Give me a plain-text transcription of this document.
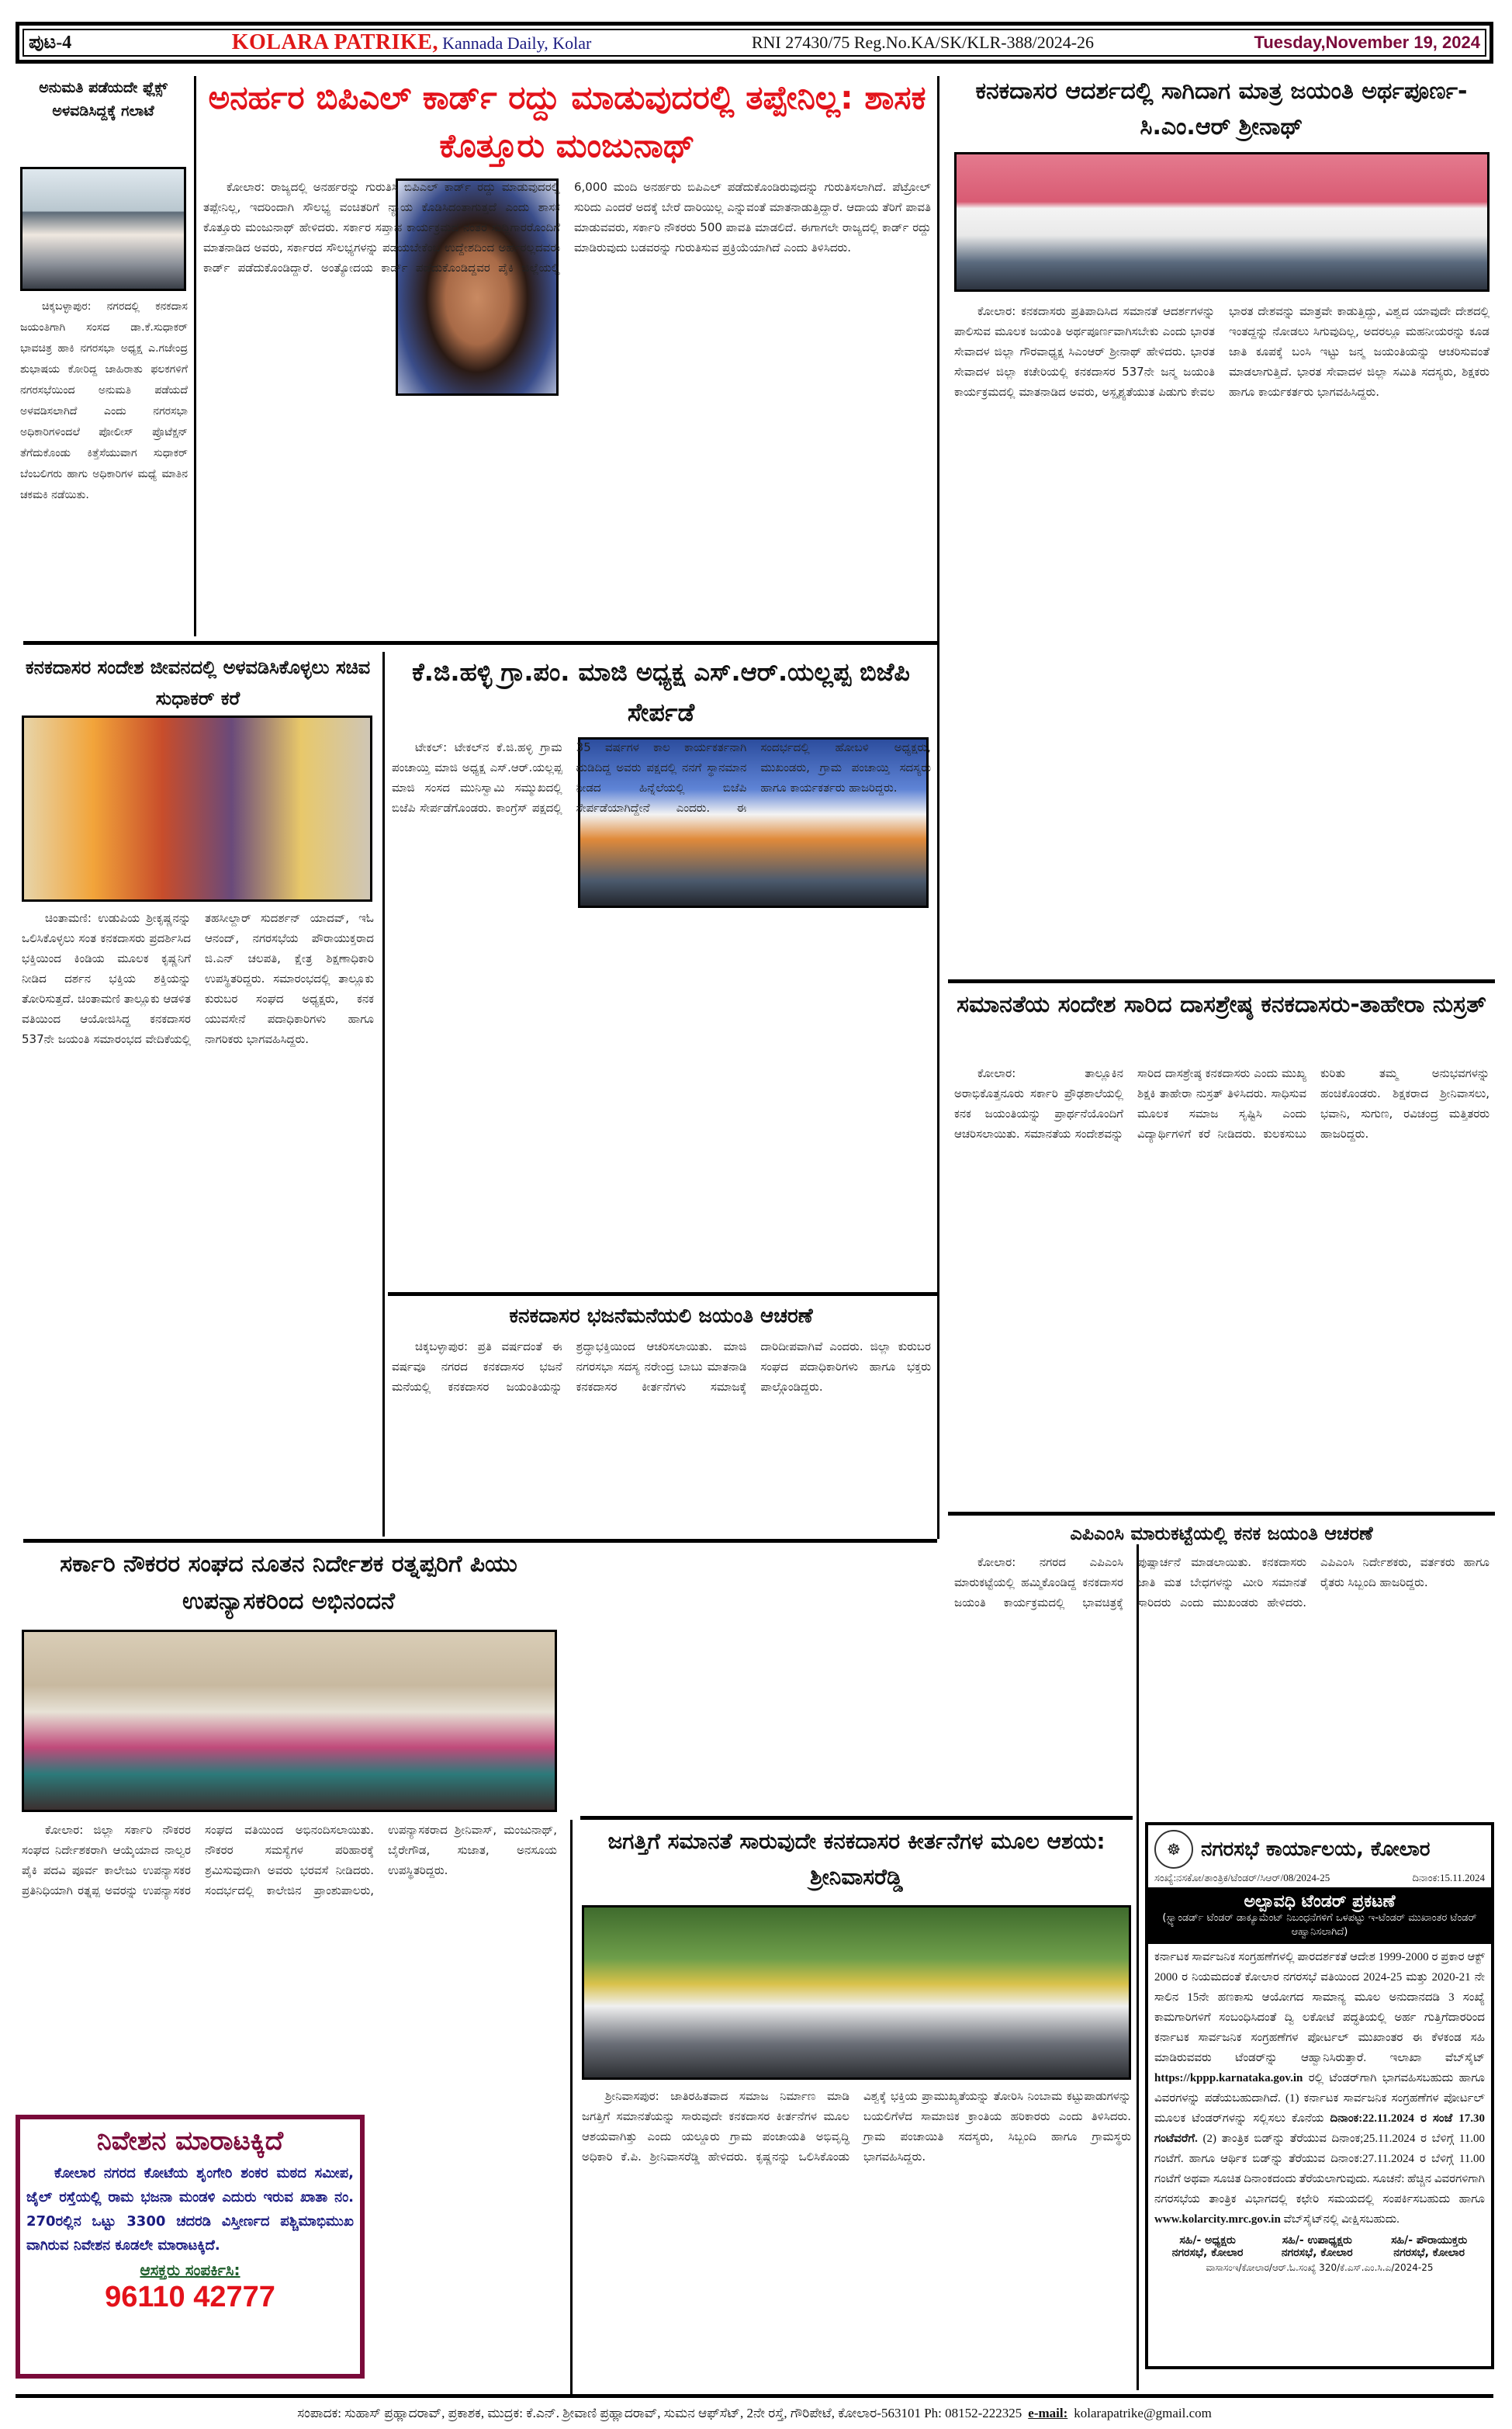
ಪುಟ-4	KOLARA PATRIKE, Kannada Daily, Kolar	RNI 27430/75 Reg.No.KA/SK/KLR-388/2024-26	Tuesday,November 19, 2024
ಅನುಮತಿ ಪಡೆಯದೇ ಫ್ಲೆಕ್ಸ್ ಅಳವಡಿಸಿದ್ದಕ್ಕೆ ಗಲಾಟೆ

ಚಿಕ್ಕಬಳ್ಳಾಪುರ: ನಗರದಲ್ಲಿ ಕನಕದಾಸ ಜಯಂತಿಗಾಗಿ ಸಂಸದ ಡಾ.ಕೆ.ಸುಧಾಕರ್ ಭಾವಚಿತ್ರ ಹಾಕಿ ನಗರಸಭಾ ಅಧ್ಯಕ್ಷ ಎ.ಗಜೇಂದ್ರ ಶುಭಾಷಯ ಕೋರಿದ್ದ ಜಾಹಿರಾತು ಫಲಕಗಳಿಗೆ ನಗರಸಭೆಯಿಂದ ಅನುಮತಿ ಪಡೆಯದೆ ಅಳವಡಿಸಲಾಗಿದೆ ಎಂದು ನಗರಸಭಾ ಅಧಿಕಾರಿಗಳಿಂದಲೆ ಪೋಲೀಸ್ ಪ್ರೊಟೆಕ್ಷನ್ ತೆಗೆದುಕೊಂಡು ಕಿತ್ತೆಸೆಯುವಾಗ ಸುಧಾಕರ್ ಬೆಂಬಲಿಗರು ಹಾಗು ಅಧಿಕಾರಿಗಳ ಮಧ್ಯೆ ಮಾತಿನ ಚಕಮಕಿ ನಡೆಯಿತು.

ಅನರ್ಹರ ಬಿಪಿಎಲ್ ಕಾರ್ಡ್ ರದ್ದು ಮಾಡುವುದರಲ್ಲಿ ತಪ್ಪೇನಿಲ್ಲ: ಶಾಸಕ ಕೊತ್ತೂರು ಮಂಜುನಾಥ್

ಕೋಲಾರ: ರಾಜ್ಯದಲ್ಲಿ ಅನರ್ಹರನ್ನು ಗುರುತಿಸಿ ಬಿಪಿಎಲ್ ಕಾರ್ಡ್ ರದ್ದು ಮಾಡುವುದರಲ್ಲಿ ತಪ್ಪೇನಿಲ್ಲ, ಇದರಿಂದಾಗಿ ಸೌಲಭ್ಯ ವಂಚಿತರಿಗೆ ನ್ಯಾಯ ಕೊಡಿಸಿದಂತಾಗುತ್ತದೆ ಎಂದು ಶಾಸಕ ಕೊತ್ತೂರು ಮಂಜುನಾಥ್ ಹೇಳಿದರು. ಸರ್ಕಾರ ಸಪ್ತಾಹ ಕಾರ್ಯಕ್ರಮದ ನಂತರ ಸುದ್ದಿಗಾರರೊಂದಿಗೆ ಮಾತನಾಡಿದ ಅವರು, ಸರ್ಕಾರದ ಸೌಲಭ್ಯಗಳನ್ನು ಪಡೆಯಬೇಕೆಂಬ ಉದ್ದೇಶದಿಂದ ಅರ್ಹರಲ್ಲದವರು ಕಾರ್ಡ್ ಪಡೆದುಕೊಂಡಿದ್ದಾರೆ. ಅಂತ್ಯೋದಯ ಕಾರ್ಡ್ ಪಡೆದುಕೊಂಡಿದ್ದವರ ಪೈಕಿ ಜಿಲ್ಲೆಯಲ್ಲಿ 6,000 ಮಂದಿ ಅನರ್ಹರು ಬಿಪಿಎಲ್ ಪಡೆದುಕೊಂಡಿರುವುದನ್ನು ಗುರುತಿಸಲಾಗಿದೆ. ಪೆಟ್ರೋಲ್ ಸುರಿದು ಎಂದರೆ ಅದಕ್ಕೆ ಬೇರೆ ದಾರಿಯಿಲ್ಲ ಎನ್ನುವಂತೆ ಮಾತನಾಡುತ್ತಿದ್ದಾರೆ. ಆದಾಯ ತೆರಿಗೆ ಪಾವತಿ ಮಾಡುವವರು, ಸರ್ಕಾರಿ ನೌಕರರು 500 ಪಾವತಿ ಮಾಡಲಿದೆ. ಈಗಾಗಲೇ ರಾಜ್ಯದಲ್ಲಿ ಕಾರ್ಡ್ ರದ್ದು ಮಾಡಿರುವುದು ಬಡವರನ್ನು ಗುರುತಿಸುವ ಪ್ರಕ್ರಿಯೆಯಾಗಿದೆ ಎಂದು ತಿಳಿಸಿದರು.

ಕನಕದಾಸರ ಆದರ್ಶದಲ್ಲಿ ಸಾಗಿದಾಗ ಮಾತ್ರ ಜಯಂತಿ ಅರ್ಥಪೂರ್ಣ- ಸಿ.ಎಂ.ಆರ್ ಶ್ರೀನಾಥ್

ಕೋಲಾರ: ಕನಕದಾಸರು ಪ್ರತಿಪಾದಿಸಿದ ಸಮಾನತೆ ಆದರ್ಶಗಳನ್ನು ಪಾಲಿಸುವ ಮೂಲಕ ಜಯಂತಿ ಅರ್ಥಪೂರ್ಣವಾಗಿಸಬೇಕು ಎಂದು ಭಾರತ ಸೇವಾದಳ ಜಿಲ್ಲಾ ಗೌರವಾಧ್ಯಕ್ಷ ಸಿಎಂಆರ್ ಶ್ರೀನಾಥ್ ಹೇಳಿದರು. ಭಾರತ ಸೇವಾದಳ ಜಿಲ್ಲಾ ಕಚೇರಿಯಲ್ಲಿ ಕನಕದಾಸರ 537ನೇ ಜನ್ಮ ಜಯಂತಿ ಕಾರ್ಯಕ್ರಮದಲ್ಲಿ ಮಾತನಾಡಿದ ಅವರು, ಅಸ್ಪೃಶ್ಯತೆಯುತ ಪಿಡುಗು ಕೇವಲ ಭಾರತ ದೇಶವನ್ನು ಮಾತ್ರವೇ ಕಾಡುತ್ತಿದ್ದು, ವಿಶ್ವದ ಯಾವುದೇ ದೇಶದಲ್ಲಿ ಇಂತದ್ದನ್ನು ನೋಡಲು ಸಿಗುವುದಿಲ್ಲ, ಅದರಲ್ಲೂ ಮಹನೀಯರನ್ನು ಕೂಡ ಜಾತಿ ಕೂಪಕ್ಕೆ ಬಂಸಿ ಇಟ್ಟು ಜನ್ಮ ಜಯಂತಿಯನ್ನು ಆಚರಿಸುವಂತೆ ಮಾಡಲಾಗುತ್ತಿದೆ. ಭಾರತ ಸೇವಾದಳ ಜಿಲ್ಲಾ ಸಮಿತಿ ಸದಸ್ಯರು, ಶಿಕ್ಷಕರು ಹಾಗೂ ಕಾರ್ಯಕರ್ತರು ಭಾಗವಹಿಸಿದ್ದರು.

ಕನಕದಾಸರ ಸಂದೇಶ ಜೀವನದಲ್ಲಿ ಅಳವಡಿಸಿಕೊಳ್ಳಲು ಸಚಿವ ಸುಧಾಕರ್ ಕರೆ

ಚಿಂತಾಮಣಿ: ಉಡುಪಿಯ ಶ್ರೀಕೃಷ್ಣನನ್ನು ಒಲಿಸಿಕೊಳ್ಳಲು ಸಂತ ಕನಕದಾಸರು ಪ್ರದರ್ಶಿಸಿದ ಭಕ್ತಿಯಿಂದ ಕಿಂಡಿಯ ಮೂಲಕ ಕೃಷ್ಣನಿಗೆ ನೀಡಿದ ದರ್ಶನ ಭಕ್ತಿಯ ಶಕ್ತಿಯನ್ನು ತೋರಿಸುತ್ತದೆ. ಚಿಂತಾಮಣಿ ತಾಲ್ಲೂಕು ಆಡಳಿತ ವತಿಯಿಂದ ಆಯೋಜಿಸಿದ್ದ ಕನಕದಾಸರ 537ನೇ ಜಯಂತಿ ಸಮಾರಂಭದ ವೇದಿಕೆಯಲ್ಲಿ ತಹಸೀಲ್ದಾರ್ ಸುದರ್ಶನ್ ಯಾದವ್, ಇಓ ಆನಂದ್, ನಗರಸಭೆಯ ಪೌರಾಯುಕ್ತರಾದ ಜಿ.ಎನ್ ಚಲಪತಿ, ಕ್ಷೇತ್ರ ಶಿಕ್ಷಣಾಧಿಕಾರಿ ಉಪಸ್ಥಿತರಿದ್ದರು. ಸಮಾರಂಭದಲ್ಲಿ ತಾಲ್ಲೂಕು ಕುರುಬರ ಸಂಘದ ಅಧ್ಯಕ್ಷರು, ಕನಕ ಯುವಸೇನೆ ಪದಾಧಿಕಾರಿಗಳು ಹಾಗೂ ನಾಗರಿಕರು ಭಾಗವಹಿಸಿದ್ದರು.

ಕೆ.ಜಿ.ಹಳ್ಳಿ ಗ್ರಾ.ಪಂ. ಮಾಜಿ ಅಧ್ಯಕ್ಷ ಎಸ್.ಆರ್.ಯಲ್ಲಪ್ಪ ಬಿಜೆಪಿ ಸೇರ್ಪಡೆ

ಟೇಕಲ್: ಟೇಕಲ್‌ನ ಕೆ.ಜಿ.ಹಳ್ಳಿ ಗ್ರಾಮ ಪಂಚಾಯ್ತಿ ಮಾಜಿ ಅಧ್ಯಕ್ಷ ಎಸ್.ಆರ್.ಯಲ್ಲಪ್ಪ ಮಾಜಿ ಸಂಸದ ಮುನಿಸ್ವಾಮಿ ಸಮ್ಮುಖದಲ್ಲಿ ಬಿಜೆಪಿ ಸೇರ್ಪಡೆಗೊಂಡರು. ಕಾಂಗ್ರೆಸ್ ಪಕ್ಷದಲ್ಲಿ 35 ವರ್ಷಗಳ ಕಾಲ ಕಾರ್ಯಕರ್ತನಾಗಿ ದುಡಿದಿದ್ದ ಅವರು ಪಕ್ಷದಲ್ಲಿ ನನಗೆ ಸ್ಥಾನಮಾನ ನೀಡದ ಹಿನ್ನೆಲೆಯಲ್ಲಿ ಬಿಜೆಪಿ ಸೇರ್ಪಡೆಯಾಗಿದ್ದೇನೆ ಎಂದರು. ಈ ಸಂದರ್ಭದಲ್ಲಿ ಹೋಬಳಿ ಅಧ್ಯಕ್ಷರು, ಮುಖಂಡರು, ಗ್ರಾಮ ಪಂಚಾಯ್ತಿ ಸದಸ್ಯರು ಹಾಗೂ ಕಾರ್ಯಕರ್ತರು ಹಾಜರಿದ್ದರು.

ಸಮಾನತೆಯ ಸಂದೇಶ ಸಾರಿದ ದಾಸಶ್ರೇಷ್ಠ ಕನಕದಾಸರು-ತಾಹೇರಾ ನುಸ್ರತ್

ಕೋಲಾರ: ತಾಲ್ಲೂಕಿನ ಅರಾಭಿಕೊತ್ತನೂರು ಸರ್ಕಾರಿ ಪ್ರೌಢಶಾಲೆಯಲ್ಲಿ ಕನಕ ಜಯಂತಿಯನ್ನು ಪ್ರಾರ್ಥನೆಯೊಂದಿಗೆ ಆಚರಿಸಲಾಯಿತು. ಸಮಾನತೆಯ ಸಂದೇಶವನ್ನು ಸಾರಿದ ದಾಸಶ್ರೇಷ್ಠ ಕನಕದಾಸರು ಎಂದು ಮುಖ್ಯ ಶಿಕ್ಷಕಿ ತಾಹೇರಾ ನುಸ್ರತ್ ತಿಳಿಸಿದರು. ಸಾಧಿಸುವ ಮೂಲಕ ಸಮಾಜ ಸೃಷ್ಟಿಸಿ ಎಂದು ವಿದ್ಯಾರ್ಥಿಗಳಿಗೆ ಕರೆ ನೀಡಿದರು. ಕುಲಕಸುಬು ಕುರಿತು ತಮ್ಮ ಅನುಭವಗಳನ್ನು ಹಂಚಿಕೊಂಡರು. ಶಿಕ್ಷಕರಾದ ಶ್ರೀನಿವಾಸಲು, ಭವಾನಿ, ಸುಗುಣ, ರವಿಚಂದ್ರ ಮತ್ತಿತರರು ಹಾಜರಿದ್ದರು.

ಕನಕದಾಸರ ಭಜನೆಮನೆಯಲಿ ಜಯಂತಿ ಆಚರಣೆ

ಚಿಕ್ಕಬಳ್ಳಾಪುರ: ಪ್ರತಿ ವರ್ಷದಂತೆ ಈ ವರ್ಷವೂ ನಗರದ ಕನಕದಾಸರ ಭಜನೆ ಮನೆಯಲ್ಲಿ ಕನಕದಾಸರ ಜಯಂತಿಯನ್ನು ಶ್ರದ್ಧಾಭಕ್ತಿಯಿಂದ ಆಚರಿಸಲಾಯಿತು. ಮಾಜಿ ನಗರಸಭಾ ಸದಸ್ಯ ನರೇಂದ್ರ ಬಾಬು ಮಾತನಾಡಿ ಕನಕದಾಸರ ಕೀರ್ತನೆಗಳು ಸಮಾಜಕ್ಕೆ ದಾರಿದೀಪವಾಗಿವೆ ಎಂದರು. ಜಿಲ್ಲಾ ಕುರುಬರ ಸಂಘದ ಪದಾಧಿಕಾರಿಗಳು ಹಾಗೂ ಭಕ್ತರು ಪಾಲ್ಗೊಂಡಿದ್ದರು.

ಎಪಿಎಂಸಿ ಮಾರುಕಟ್ಟೆಯಲ್ಲಿ ಕನಕ ಜಯಂತಿ ಆಚರಣೆ

ಕೋಲಾರ: ನಗರದ ಎಪಿಎಂಸಿ ಮಾರುಕಟ್ಟೆಯಲ್ಲಿ ಹಮ್ಮಿಕೊಂಡಿದ್ದ ಕನಕದಾಸರ ಜಯಂತಿ ಕಾರ್ಯಕ್ರಮದಲ್ಲಿ ಭಾವಚಿತ್ರಕ್ಕೆ ಪುಷ್ಪಾರ್ಚನೆ ಮಾಡಲಾಯಿತು. ಕನಕದಾಸರು ಜಾತಿ ಮತ ಬೇಧಗಳನ್ನು ಮೀರಿ ಸಮಾನತೆ ಸಾರಿದರು ಎಂದು ಮುಖಂಡರು ಹೇಳಿದರು. ಎಪಿಎಂಸಿ ನಿರ್ದೇಶಕರು, ವರ್ತಕರು ಹಾಗೂ ರೈತರು ಸಿಬ್ಬಂದಿ ಹಾಜರಿದ್ದರು.

ಸರ್ಕಾರಿ ನೌಕರರ ಸಂಘದ ನೂತನ ನಿರ್ದೇಶಕ ರತ್ನಪ್ಪರಿಗೆ ಪಿಯು ಉಪನ್ಯಾಸಕರಿಂದ ಅಭಿನಂದನೆ

ಕೋಲಾರ: ಜಿಲ್ಲಾ ಸರ್ಕಾರಿ ನೌಕರರ ಸಂಘದ ನಿರ್ದೇಶಕರಾಗಿ ಆಯ್ಕೆಯಾದ ನಾಲ್ವರ ಪೈಕಿ ಪದವಿ ಪೂರ್ವ ಕಾಲೇಜು ಉಪನ್ಯಾಸಕರ ಪ್ರತಿನಿಧಿಯಾಗಿ ರತ್ನಪ್ಪ ಅವರನ್ನು ಉಪನ್ಯಾಸಕರ ಸಂಘದ ವತಿಯಿಂದ ಅಭಿನಂದಿಸಲಾಯಿತು. ನೌಕರರ ಸಮಸ್ಯೆಗಳ ಪರಿಹಾರಕ್ಕೆ ಶ್ರಮಿಸುವುದಾಗಿ ಅವರು ಭರವಸೆ ನೀಡಿದರು. ಸಂದರ್ಭದಲ್ಲಿ ಕಾಲೇಜಿನ ಪ್ರಾಂಶುಪಾಲರು, ಉಪನ್ಯಾಸಕರಾದ ಶ್ರೀನಿವಾಸ್, ಮಂಜುನಾಥ್, ಬೈರೇಗೌಡ, ಸುಜಾತ, ಅನಸೂಯ ಉಪಸ್ಥಿತರಿದ್ದರು.

ಜಗತ್ತಿಗೆ ಸಮಾನತೆ ಸಾರುವುದೇ ಕನಕದಾಸರ ಕೀರ್ತನೆಗಳ ಮೂಲ ಆಶಯ: ಶ್ರೀನಿವಾಸರೆಡ್ಡಿ

ಶ್ರೀನಿವಾಸಪುರ: ಜಾತಿರಹಿತವಾದ ಸಮಾಜ ನಿರ್ಮಾಣ ಮಾಡಿ ಜಗತ್ತಿಗೆ ಸಮಾನತೆಯನ್ನು ಸಾರುವುದೇ ಕನಕದಾಸರ ಕೀರ್ತನೆಗಳ ಮೂಲ ಆಶಯವಾಗಿತ್ತು ಎಂದು ಯಲ್ದೂರು ಗ್ರಾಮ ಪಂಚಾಯತಿ ಅಭಿವೃದ್ಧಿ ಅಧಿಕಾರಿ ಕೆ.ಪಿ. ಶ್ರೀನಿವಾಸರೆಡ್ಡಿ ಹೇಳಿದರು. ಕೃಷ್ಣನನ್ನು ಒಲಿಸಿಕೊಂಡು ವಿಶ್ವಕ್ಕೆ ಭಕ್ತಿಯ ಪ್ರಾಮುಖ್ಯತೆಯನ್ನು ತೋರಿಸಿ ನಿಂಬಾಮ ಕಟ್ಟುಪಾಡುಗಳನ್ನು ಬಯಲಿಗೆಳೆದ ಸಾಮಾಜಿಕ ಕ್ರಾಂತಿಯ ಹರಿಕಾರರು ಎಂದು ತಿಳಿಸಿದರು. ಗ್ರಾಮ ಪಂಚಾಯಿತಿ ಸದಸ್ಯರು, ಸಿಬ್ಬಂದಿ ಹಾಗೂ ಗ್ರಾಮಸ್ಥರು ಭಾಗವಹಿಸಿದ್ದರು.

ನಿವೇಶನ ಮಾರಾಟಕ್ಕಿದೆ
ಕೋಲಾರ ನಗರದ ಕೋಟೆಯ ಶೃಂಗೇರಿ ಶಂಕರ ಮಠದ ಸಮೀಪ, ಜೈಲ್ ರಸ್ತೆಯಲ್ಲಿ ರಾಮ ಭಜನಾ ಮಂಡಳಿ ಎದುರು ಇರುವ ಖಾತಾ ನಂ. 270ರಲ್ಲಿನ ಒಟ್ಟು 3300 ಚದರಡಿ ವಿಸ್ತೀರ್ಣದ ಪಶ್ಚಿಮಾಭಿಮುಖ ವಾಗಿರುವ ನಿವೇಶನ ಕೂಡಲೇ ಮಾರಾಟಕ್ಕಿದೆ.
ಆಸಕ್ತರು ಸಂಪರ್ಕಿಸಿ:
96110 42777
☸	ನಗರಸಭೆ ಕಾರ್ಯಾಲಯ, ಕೋಲಾರ
ಸಂಖ್ಯೆ:ನಸಕೋ/ತಾಂತ್ರಿಕ/ಟೆಂಡರ್/ಸಿಆರ್/08/2024-25	ದಿನಾಂಕ:15.11.2024
ಅಲ್ಪಾವಧಿ ಟೆಂಡರ್ ಪ್ರಕಟಣೆ
(ಸ್ಟ್ಯಾಂಡರ್ಡ್ ಟೆಂಡರ್ ಡಾಕ್ಯೂಮೆಂಟ್ ನಿಬಂಧನೆಗಳಿಗೆ ಒಳಪಟ್ಟು ಇ-ಟೆಂಡರ್ ಮುಖಾಂತರ ಟೆಂಡರ್ ಆಹ್ವಾನಿಸಲಾಗಿದೆ)
ಕರ್ನಾಟಕ ಸಾರ್ವಜನಿಕ ಸಂಗ್ರಹಣೆಗಳಲ್ಲಿ ಪಾರದರ್ಶಕತೆ ಆದೇಶ 1999-2000 ರ ಪ್ರಕಾರ ಆಕ್ಟ್ 2000 ರ ನಿಯಮದಂತೆ ಕೋಲಾರ ನಗರಸಭೆ ವತಿಯಿಂದ 2024-25 ಮತ್ತು 2020-21 ನೇ ಸಾಲಿನ 15ನೇ ಹಣಕಾಸು ಆಯೋಗದ ಸಾಮಾನ್ಯ ಮೂಲ ಅನುದಾನದಡಿ 3 ಸಂಖ್ಯೆ ಕಾಮಗಾರಿಗಳಿಗೆ ಸಂಬಂಧಿಸಿದಂತೆ ದ್ವಿ ಲಕೋಟೆ ಪದ್ಧತಿಯಲ್ಲಿ ಅರ್ಹ ಗುತ್ತಿಗೆದಾರರಿಂದ ಕರ್ನಾಟಕ ಸಾರ್ವಜನಿಕ ಸಂಗ್ರಹಣೆಗಳ ಪೋರ್ಟಲ್ ಮುಖಾಂತರ ಈ ಕೆಳಕಂಡ ಸಹಿ ಮಾಡಿರುವವರು ಟೆಂಡರ್‌ನ್ನು ಆಹ್ವಾನಿಸಿರುತ್ತಾರೆ. ಇಲಾಖಾ ವೆಬ್‌ಸೈಟ್ https://kppp.karnataka.gov.in ರಲ್ಲಿ ಟೆಂಡರ್‌ಗಾಗಿ ಭಾಗವಹಿಸಬಹುದು ಹಾಗೂ ವಿವರಗಳನ್ನು ಪಡೆಯಬಹುದಾಗಿದೆ. (1) ಕರ್ನಾಟಕ ಸಾರ್ವಜನಿಕ ಸಂಗ್ರಹಣೆಗಳ ಪೋರ್ಟಲ್ ಮೂಲಕ ಟೆಂಡರ್‌ಗಳನ್ನು ಸಲ್ಲಿಸಲು ಕೊನೆಯ ದಿನಾಂಕ:22.11.2024 ರ ಸಂಜೆ 17.30 ಗಂಟೆವರೆಗೆ. (2) ತಾಂತ್ರಿಕ ಬಿಡ್‌ನ್ನು ತೆರೆಯುವ ದಿನಾಂಕ;25.11.2024 ರ ಬೆಳಿಗ್ಗೆ 11.00 ಗಂಟೆಗೆ. ಹಾಗೂ ಆರ್ಥಿಕ ಬಿಡ್‌ನ್ನು ತೆರೆಯುವ ದಿನಾಂಕ:27.11.2024 ರ ಬೆಳಿಗ್ಗೆ 11.00 ಗಂಟೆಗೆ ಅಥವಾ ಸೂಚಿತ ದಿನಾಂಕದಂದು ತೆರೆಯಲಾಗುವುದು. ಸೂಚನೆ: ಹೆಚ್ಚಿನ ವಿವರಗಳಿಗಾಗಿ ನಗರಸಭೆಯ ತಾಂತ್ರಿಕ ವಿಭಾಗದಲ್ಲಿ ಕಛೇರಿ ಸಮಯದಲ್ಲಿ ಸಂಪರ್ಕಿಸಬಹುದು ಹಾಗೂ www.kolarcity.mrc.gov.in ವೆಬ್‌ಸೈಟ್‌ನಲ್ಲಿ ವೀಕ್ಷಿಸಬಹುದು.
ಸಹಿ/- ಅಧ್ಯಕ್ಷರು
ನಗರಸಭೆ, ಕೋಲಾರ
ಸಹಿ/- ಉಪಾಧ್ಯಕ್ಷರು
ನಗರಸಭೆ, ಕೋಲಾರ
ಸಹಿ/- ಪೌರಾಯುಕ್ತರು
ನಗರಸಭೆ, ಕೋಲಾರ
ವಾಸಾಸಂಇ/ಕೋಲಾರ/ಆರ್.ಓ.ಸಂಖ್ಯೆ 320/ಕೆ.ಎಸ್.ಎಂ.ಸಿ.ಎ/2024-25
ಸಂಪಾದಕ: ಸುಹಾಸ್ ಪ್ರಹ್ಲಾದರಾವ್, ಪ್ರಕಾಶಕ, ಮುದ್ರಕ: ಕೆ.ಎನ್. ಶ್ರೀವಾಣಿ ಪ್ರಹ್ಲಾದರಾವ್, ಸುಮನ ಆಫ್‌ಸೆಟ್, 2ನೇ ರಸ್ತೆ, ಗೌರಿಪೇಟೆ, ಕೋಲಾರ-563101 Ph: 08152-222325 e-mail: kolarapatrike@gmail.com
